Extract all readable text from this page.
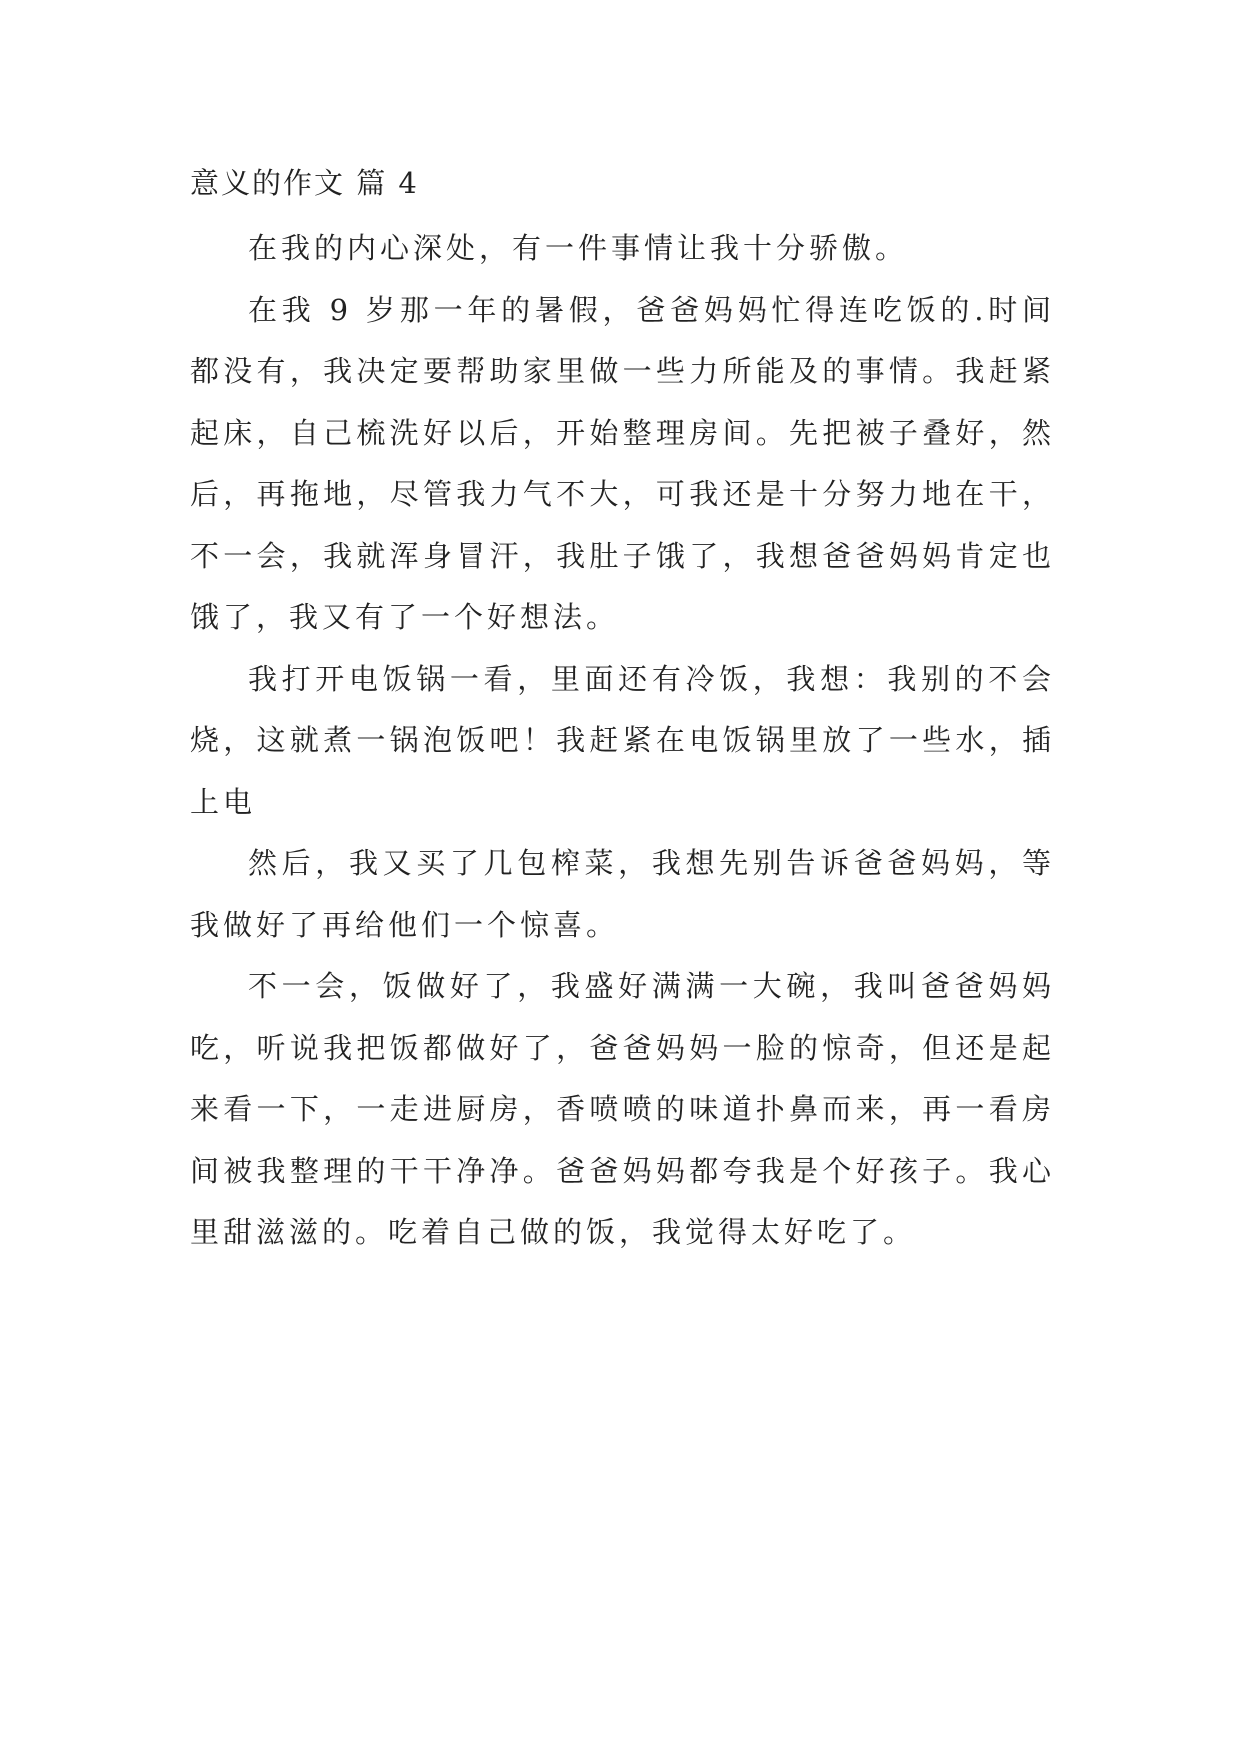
意义的作文 篇 4

在我的内心深处，有一件事情让我十分骄傲。

在我 9 岁那一年的暑假，爸爸妈妈忙得连吃饭的.时间都没有，我决定要帮助家里做一些力所能及的事情。我赶紧起床，自己梳洗好以后，开始整理房间。先把被子叠好，然后，再拖地，尽管我力气不大，可我还是十分努力地在干，不一会，我就浑身冒汗，我肚子饿了，我想爸爸妈妈肯定也饿了，我又有了一个好想法。

我打开电饭锅一看，里面还有冷饭，我想：我别的不会烧，这就煮一锅泡饭吧！我赶紧在电饭锅里放了一些水，插上电

然后，我又买了几包榨菜，我想先别告诉爸爸妈妈，等我做好了再给他们一个惊喜。

不一会，饭做好了，我盛好满满一大碗，我叫爸爸妈妈吃，听说我把饭都做好了，爸爸妈妈一脸的惊奇，但还是起来看一下，一走进厨房，香喷喷的味道扑鼻而来，再一看房间被我整理的干干净净。爸爸妈妈都夸我是个好孩子。我心里甜滋滋的。吃着自己做的饭，我觉得太好吃了。
